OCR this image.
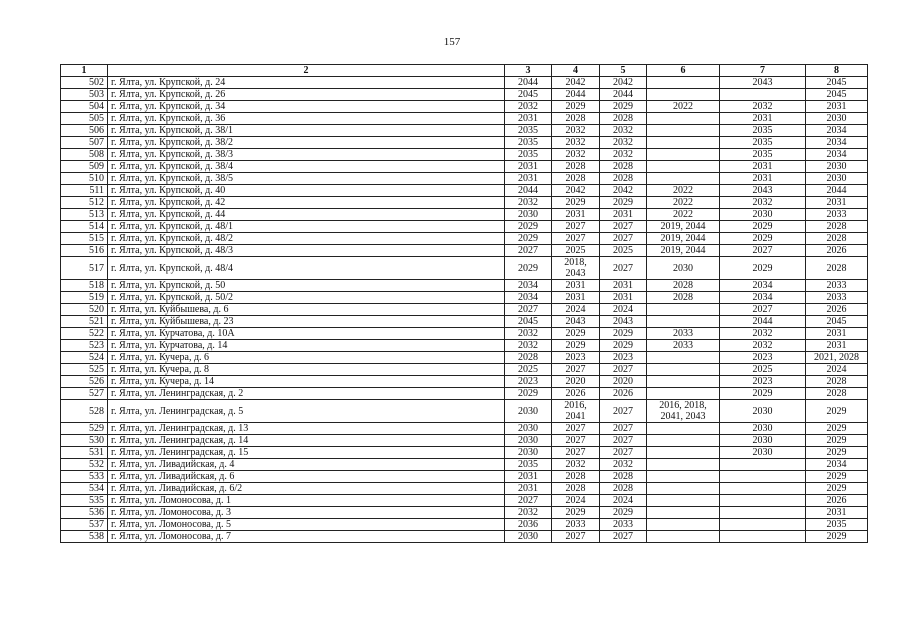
157
1	2	3	4	5	6	7	8
502	г. Ялта, ул. Крупской, д. 24	2044	2042	2042		2043	2045
503	г. Ялта, ул. Крупской, д. 26	2045	2044	2044			2045
504	г. Ялта, ул. Крупской, д. 34	2032	2029	2029	2022	2032	2031
505	г. Ялта, ул. Крупской, д. 36	2031	2028	2028		2031	2030
506	г. Ялта, ул. Крупской, д. 38/1	2035	2032	2032		2035	2034
507	г. Ялта, ул. Крупской, д. 38/2	2035	2032	2032		2035	2034
508	г. Ялта, ул. Крупской, д. 38/3	2035	2032	2032		2035	2034
509	г. Ялта, ул. Крупской, д. 38/4	2031	2028	2028		2031	2030
510	г. Ялта, ул. Крупской, д. 38/5	2031	2028	2028		2031	2030
511	г. Ялта, ул. Крупской, д. 40	2044	2042	2042	2022	2043	2044
512	г. Ялта, ул. Крупской, д. 42	2032	2029	2029	2022	2032	2031
513	г. Ялта, ул. Крупской, д. 44	2030	2031	2031	2022	2030	2033
514	г. Ялта, ул. Крупской, д. 48/1	2029	2027	2027	2019, 2044	2029	2028
515	г. Ялта, ул. Крупской, д. 48/2	2029	2027	2027	2019, 2044	2029	2028
516	г. Ялта, ул. Крупской, д. 48/3	2027	2025	2025	2019, 2044	2027	2026
517	г. Ялта, ул. Крупской, д. 48/4	2029	2018, 2043	2027	2030	2029	2028
518	г. Ялта, ул. Крупской, д. 50	2034	2031	2031	2028	2034	2033
519	г. Ялта, ул. Крупской, д. 50/2	2034	2031	2031	2028	2034	2033
520	г. Ялта, ул. Куйбышева, д. 6	2027	2024	2024		2027	2026
521	г. Ялта, ул. Куйбышева, д. 23	2045	2043	2043		2044	2045
522	г. Ялта, ул. Курчатова, д. 10А	2032	2029	2029	2033	2032	2031
523	г. Ялта, ул. Курчатова, д. 14	2032	2029	2029	2033	2032	2031
524	г. Ялта, ул. Кучера, д. 6	2028	2023	2023		2023	2021, 2028
525	г. Ялта, ул. Кучера, д. 8	2025	2027	2027		2025	2024
526	г. Ялта, ул. Кучера, д. 14	2023	2020	2020		2023	2028
527	г. Ялта, ул. Ленинградская, д. 2	2029	2026	2026		2029	2028
528	г. Ялта, ул. Ленинградская, д. 5	2030	2016, 2041	2027	2016, 2018, 2041, 2043	2030	2029
529	г. Ялта, ул. Ленинградская, д. 13	2030	2027	2027		2030	2029
530	г. Ялта, ул. Ленинградская, д. 14	2030	2027	2027		2030	2029
531	г. Ялта, ул. Ленинградская, д. 15	2030	2027	2027		2030	2029
532	г. Ялта, ул. Ливадийская, д. 4	2035	2032	2032			2034
533	г. Ялта, ул. Ливадийская, д. 6	2031	2028	2028			2029
534	г. Ялта, ул. Ливадийская, д. 6/2	2031	2028	2028			2029
535	г. Ялта, ул. Ломоносова, д. 1	2027	2024	2024			2026
536	г. Ялта, ул. Ломоносова, д. 3	2032	2029	2029			2031
537	г. Ялта, ул. Ломоносова, д. 5	2036	2033	2033			2035
538	г. Ялта, ул. Ломоносова, д. 7	2030	2027	2027			2029
